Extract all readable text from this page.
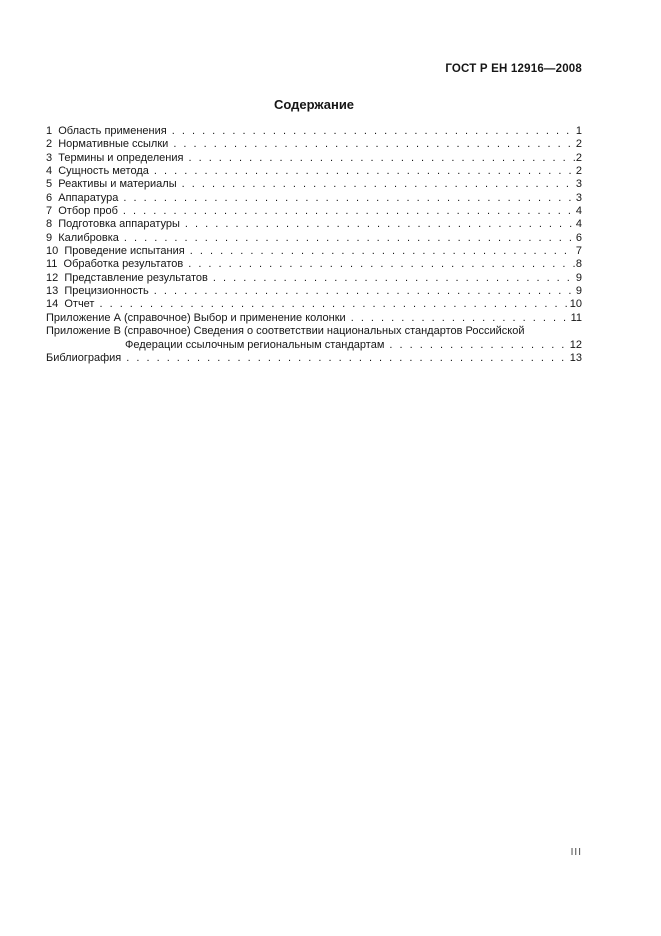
ГОСТ Р ЕН 12916—2008
Содержание
1  Область применения . . .	1
2  Нормативные ссылки . . .	2
3  Термины и определения . . .	2
4  Сущность метода . . .	2
5  Реактивы и материалы . . .	3
6  Аппаратура . . .	3
7  Отбор проб . . .	4
8  Подготовка аппаратуры . . .	4
9  Калибровка . . .	6
10  Проведение испытания . . .	7
11  Обработка результатов . . .	8
12  Представление результатов . . .	9
13  Прецизионность . . .	9
14  Отчет . . .	10
Приложение А (справочное) Выбор и применение колонки . . .	11
Приложение В (справочное) Сведения о соответствии национальных стандартов Российской
Федерации ссылочным региональным стандартам . . .	12
Библиография . . .	13
III
